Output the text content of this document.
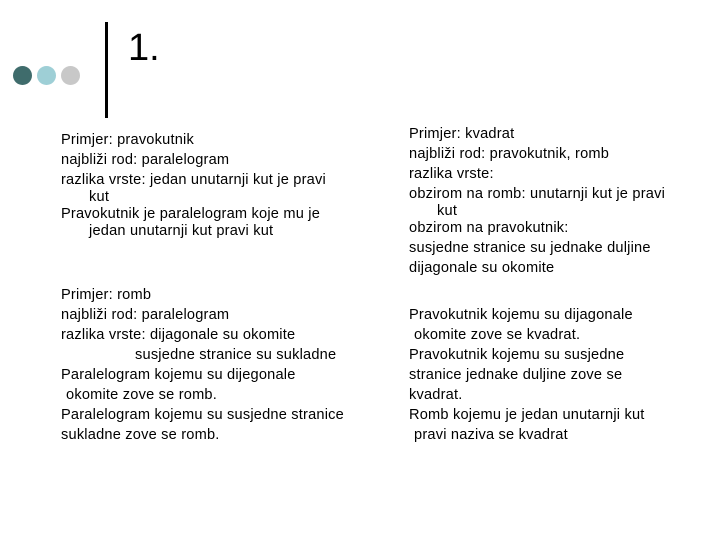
1.
Primjer: pravokutnik
najbliži rod: paralelogram
razlika vrste: jedan unutarnji kut je pravi
kut
Pravokutnik je paralelogram koje mu je
jedan unutarnji kut pravi kut
Primjer: romb
najbliži rod: paralelogram
razlika vrste: dijagonale su okomite
susjedne stranice su sukladne
Paralelogram kojemu su dijegonale
okomite zove se romb.
Paralelogram kojemu su susjedne stranice
sukladne zove se romb.
Primjer: kvadrat
najbliži rod: pravokutnik, romb
razlika vrste:
obzirom na romb: unutarnji kut je pravi
kut
obzirom na pravokutnik:
susjedne stranice su jednake duljine
dijagonale su okomite
Pravokutnik kojemu su dijagonale
okomite zove se kvadrat.
Pravokutnik kojemu su susjedne
stranice jednake duljine zove se
kvadrat.
Romb kojemu je jedan unutarnji kut
pravi naziva se kvadrat
